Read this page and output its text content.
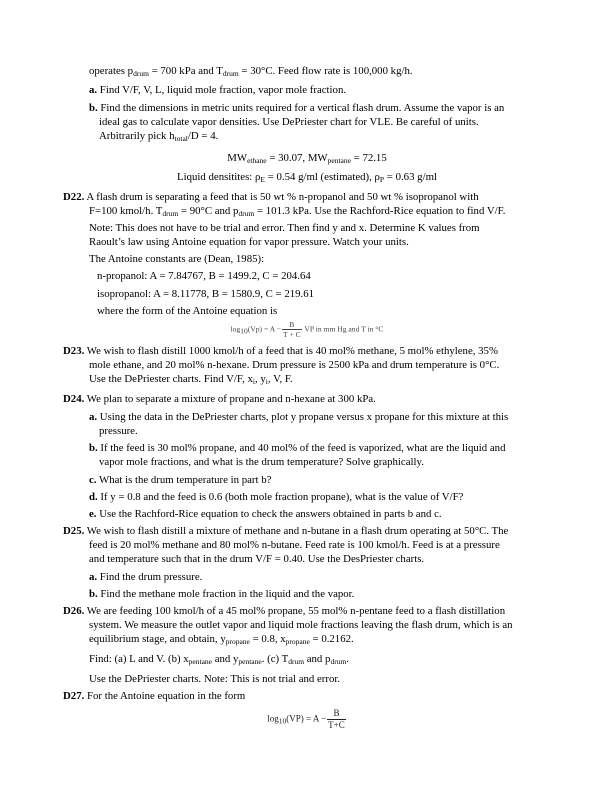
operates $p_{drum} = 700$ kPa and $T_{drum} = 30^\circ C$. Feed flow rate is 100,000 kg/h.
a. Find V/F, V, L, liquid mole fraction, vapor mole fraction.
b. Find the dimensions in metric units required for a vertical flash drum. Assume the vapor is an
ideal gas to calculate vapor densities. Use DePriester chart for VLE. Be careful of units.
Arbitrarily pick $h_{total}/D = 4$.
$MW_{ethane} = 30.07$, $MW_{pentane} = 72.15$
Liquid densitites: $\rho_E = 0.54$ g/ml (estimated), $\rho_P = 0.63$ g/ml
D22. A flash drum is separating a feed that is 50 wt % n-propanol and 50 wt % isopropanol with
F=100 kmol/h. $T_{drum} = 90^\circ C$ and $p_{drum} = 101.3$ kPa. Use the Rachford-Rice equation to find V/F.
Note: This does not have to be trial and error. Then find y and x. Determine K values from
Raoult’s law using Antoine equation for vapor pressure. Watch your units.
The Antoine constants are (Dean, 1985):
n-propanol: A = 7.84767, B = 1499.2, C = 204.64
isopropanol: A = 8.11778, B = 1580.9, C = 219.61
where the form of the Antoine equation is
$\log_{10}(Vp) = A - \frac{B}{T + C}$ VP in mm Hg and T in °C
D23. We wish to flash distill 1000 kmol/h of a feed that is 40 mol% methane, 5 mol% ethylene, 35%
mole ethane, and 20 mol% n-hexane. Drum pressure is 2500 kPa and drum temperature is 0°C.
Use the DePriester charts. Find V/F, $x_i$, $y_i$, V, F.
D24. We plan to separate a mixture of propane and n-hexane at 300 kPa.
a. Using the data in the DePriester charts, plot y propane versus x propane for this mixture at this
pressure.
b. If the feed is 30 mol% propane, and 40 mol% of the feed is vaporized, what are the liquid and
vapor mole fractions, and what is the drum temperature? Solve graphically.
c. What is the drum temperature in part b?
d. If y = 0.8 and the feed is 0.6 (both mole fraction propane), what is the value of V/F?
e. Use the Rachford-Rice equation to check the answers obtained in parts b and c.
D25. We wish to flash distill a mixture of methane and n-butane in a flash drum operating at 50°C. The
feed is 20 mol% methane and 80 mol% n-butane. Feed rate is 100 kmol/h. Feed is at a pressure
and temperature such that in the drum V/F = 0.40. Use the DesPriester charts.
a. Find the drum pressure.
b. Find the methane mole fraction in the liquid and the vapor.
D26. We are feeding 100 kmol/h of a 45 mol% propane, 55 mol% n-pentane feed to a flash distillation
system. We measure the outlet vapor and liquid mole fractions leaving the flash drum, which is an
equilibrium stage, and obtain, $y_{propane} = 0.8$, $x_{propane} = 0.2162$.
Find: (a) L and V. (b) $x_{pentane}$ and $y_{pentane}$. (c) $T_{drum}$ and $p_{drum}$.
Use the DePriester charts. Note: This is not trial and error.
D27. For the Antoine equation in the form
$\log_{10}(VP) = A - \frac{B}{T+C}$
